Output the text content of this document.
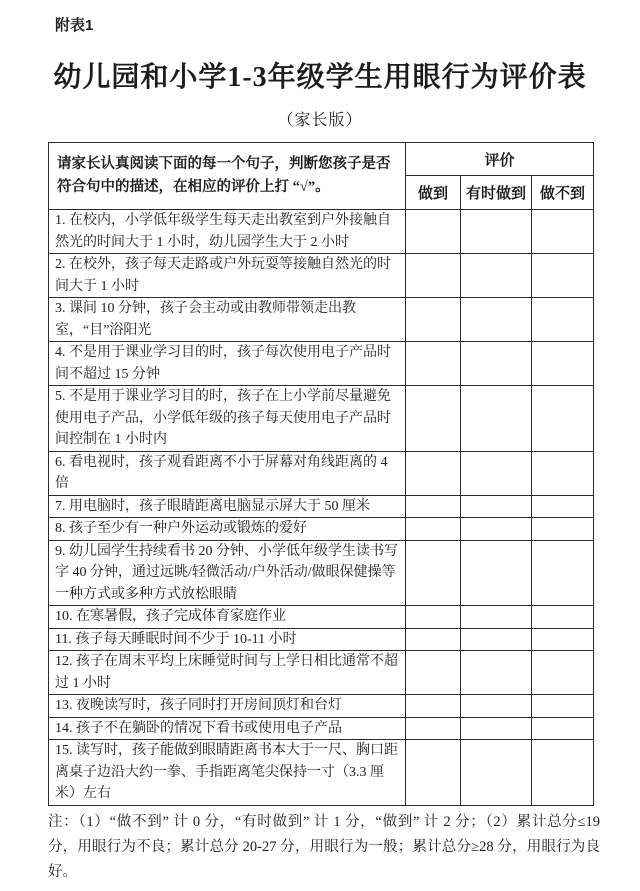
附表1
幼儿园和小学1-3年级学生用眼行为评价表
（家长版）
请家长认真阅读下面的每一个句子，判断您孩子是否符合句中的描述，在相应的评价上打 “√”。	评价		
	做到	有时做到	做不到
1. 在校内，小学低年级学生每天走出教室到户外接触自然光的时间大于 1 小时，幼儿园学生大于 2 小时			
2. 在校外，孩子每天走路或户外玩耍等接触自然光的时间大于 1 小时			
3. 课间 10 分钟，孩子会主动或由教师带领走出教室，“目”浴阳光			
4. 不是用于课业学习目的时，孩子每次使用电子产品时间不超过 15 分钟			
5. 不是用于课业学习目的时，孩子在上小学前尽量避免使用电子产品，小学低年级的孩子每天使用电子产品时间控制在 1 小时内			
6. 看电视时，孩子观看距离不小于屏幕对角线距离的 4 倍			
7. 用电脑时，孩子眼睛距离电脑显示屏大于 50 厘米			
8. 孩子至少有一种户外运动或锻炼的爱好			
9. 幼儿园学生持续看书 20 分钟、小学低年级学生读书写字 40 分钟，通过远眺/轻微活动/户外活动/做眼保健操等一种方式或多种方式放松眼睛			
10. 在寒暑假，孩子完成体育家庭作业			
11. 孩子每天睡眠时间不少于 10-11 小时			
12. 孩子在周末平均上床睡觉时间与上学日相比通常不超过 1 小时			
13. 夜晚读写时，孩子同时打开房间顶灯和台灯			
14. 孩子不在躺卧的情况下看书或使用电子产品			
15. 读写时，孩子能做到眼睛距离书本大于一尺、胸口距离桌子边沿大约一拳、手指距离笔尖保持一寸（3.3 厘米）左右			
注：（1）“做不到” 计 0 分，“有时做到” 计 1 分，“做到” 计 2 分；（2）累计总分≤19 分，用眼行为不良；累计总分 20-27 分，用眼行为一般；累计总分≥28 分，用眼行为良好。
